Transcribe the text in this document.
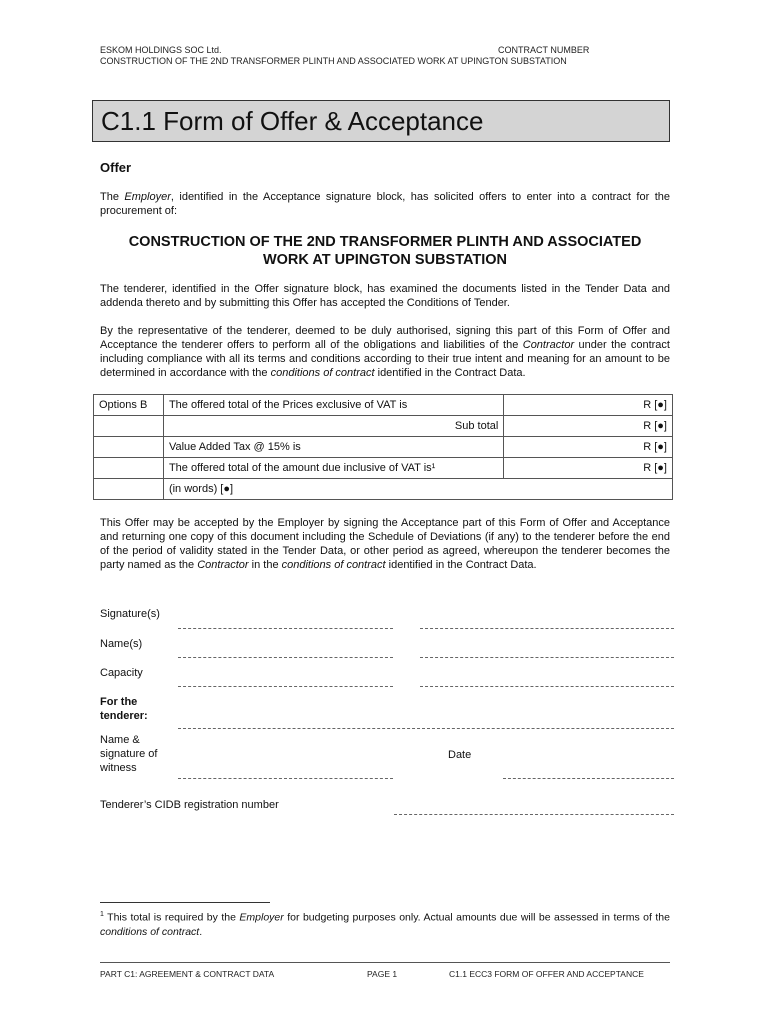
ESKOM HOLDINGS SOC Ltd.	CONTRACT NUMBER
CONSTRUCTION OF THE 2ND TRANSFORMER PLINTH AND ASSOCIATED WORK AT UPINGTON SUBSTATION
C1.1 Form of Offer & Acceptance
Offer
The Employer, identified in the Acceptance signature block, has solicited offers to enter into a contract for the procurement of:
CONSTRUCTION OF THE 2ND TRANSFORMER PLINTH AND ASSOCIATED
WORK AT UPINGTON SUBSTATION
The tenderer, identified in the Offer signature block, has examined the documents listed in the Tender Data and addenda thereto and by submitting this Offer has accepted the Conditions of Tender.
By the representative of the tenderer, deemed to be duly authorised, signing this part of this Form of Offer and Acceptance the tenderer offers to perform all of the obligations and liabilities of the Contractor under the contract including compliance with all its terms and conditions according to their true intent and meaning for an amount to be determined in accordance with the conditions of contract identified in the Contract Data.
Options B	The offered total of the Prices exclusive of VAT is	R [●]
	Sub total	R [●]
	Value Added Tax @ 15% is	R [●]
	The offered total of the amount due inclusive of VAT is¹	R [●]
	(in words) [●]	
This Offer may be accepted by the Employer by signing the Acceptance part of this Form of Offer and Acceptance and returning one copy of this document including the Schedule of Deviations (if any) to the tenderer before the end of the period of validity stated in the Tender Data, or other period as agreed, whereupon the tenderer becomes the party named as the Contractor in the conditions of contract identified in the Contract Data.
Signature(s)
Name(s)
Capacity
For the
tenderer:
Name &
signature of
witness
Date
Tenderer’s CIDB registration number
$^1$ This total is required by the Employer for budgeting purposes only. Actual amounts due will be assessed in terms of the conditions of contract.
PART C1: AGREEMENT & CONTRACT DATA	PAGE 1	C1.1 ECC3 FORM OF OFFER AND ACCEPTANCE
